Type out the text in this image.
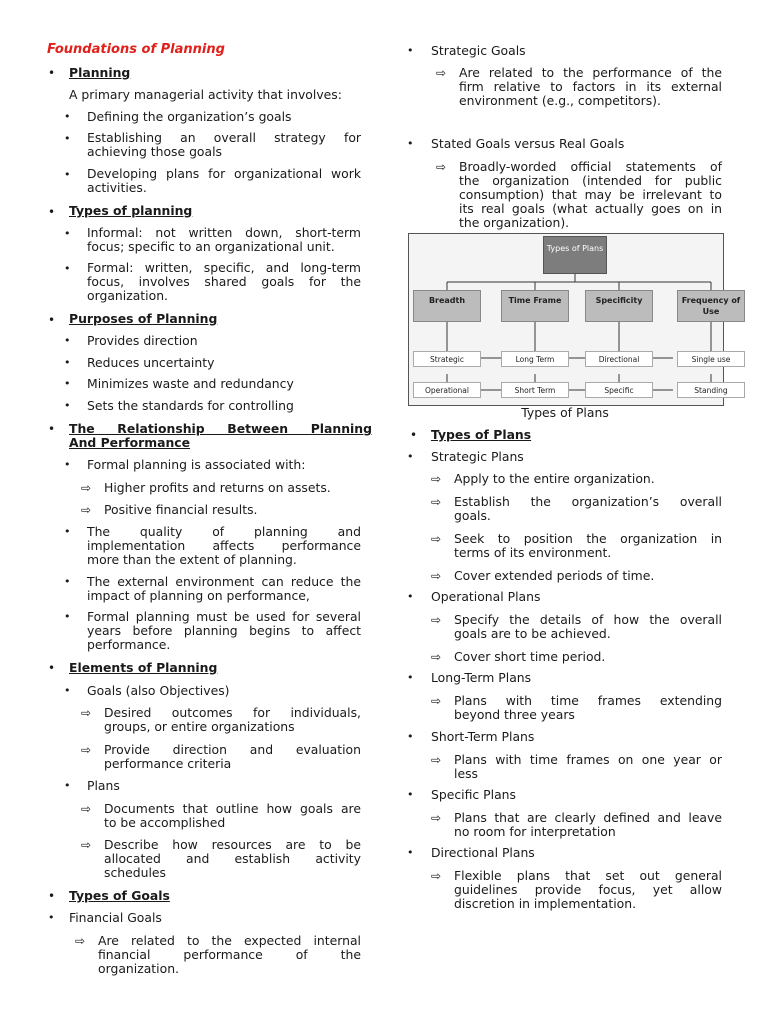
Foundations of Planning
• Planning
A primary managerial activity that involves:
• Defining the organization’s goals
• Establishing an overall strategy for
achieving those goals
• Developing plans for organizational work
activities.
• Types of planning
• Informal: not written down, short-term
focus; specific to an organizational unit.
• Formal: written, specific, and long-term
focus, involves shared goals for the
organization.
• Purposes of Planning
• Provides direction
• Reduces uncertainty
• Minimizes waste and redundancy
• Sets the standards for controlling
• The Relationship Between Planning
And Performance
• Formal planning is associated with:
⇨ Higher profits and returns on assets.
⇨ Positive financial results.
• The quality of planning and
implementation affects performance
more than the extent of planning.
• The external environment can reduce the
impact of planning on performance,
• Formal planning must be used for several
years before planning begins to affect
performance.
• Elements of Planning
• Goals (also Objectives)
⇨ Desired outcomes for individuals,
groups, or entire organizations
⇨ Provide direction and evaluation
performance criteria
• Plans
⇨ Documents that outline how goals are
to be accomplished
⇨ Describe how resources are to be
allocated and establish activity
schedules
• Types of Goals
• Financial Goals
⇨ Are related to the expected internal
financial performance of the
organization.
• Strategic Goals
⇨ Are related to the performance of the
firm relative to factors in its external
environment (e.g., competitors).
• Stated Goals versus Real Goals
⇨ Broadly-worded official statements of
the organization (intended for public
consumption) that may be irrelevant to
its real goals (what actually goes on in
the organization).
Types of Plans
Breadth	Time Frame	Specificity	Frequency of Use
Strategic	Long Term	Directional	Single use
Operational	Short Term	Specific	Standing
Types of Plans
• Types of Plans
• Strategic Plans
⇨ Apply to the entire organization.
⇨ Establish the organization’s overall
goals.
⇨ Seek to position the organization in
terms of its environment.
⇨ Cover extended periods of time.
• Operational Plans
⇨ Specify the details of how the overall
goals are to be achieved.
⇨ Cover short time period.
• Long-Term Plans
⇨ Plans with time frames extending
beyond three years
• Short-Term Plans
⇨ Plans with time frames on one year or
less
• Specific Plans
⇨ Plans that are clearly defined and leave
no room for interpretation
• Directional Plans
⇨ Flexible plans that set out general
guidelines provide focus, yet allow
discretion in implementation.
